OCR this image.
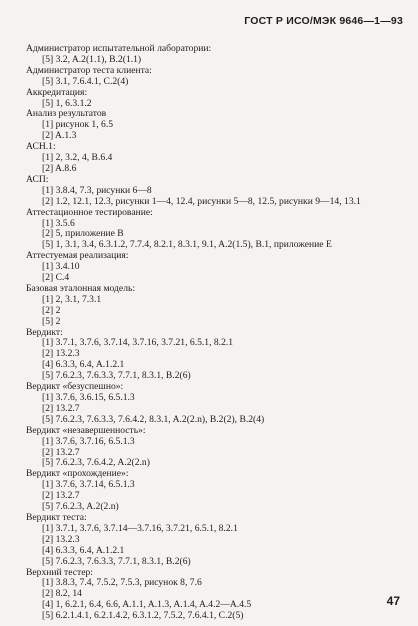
ГОСТ Р ИСО/МЭК 9646—1—93
Администратор испытательной лаборатории:
[5] 3.2, A.2(1.1), B.2(1.1)
Администратор теста клиента:
[5] 3.1, 7.6.4.1, C.2(4)
Аккредитация:
[5] 1, 6.3.1.2
Анализ результатов
[1] рисунок 1, 6.5
[2] A.1.3
АСН.1:
[1] 2, 3.2, 4, B.6.4
[2] A.8.6
АСП:
[1] 3.8.4, 7.3, рисунки 6—8
[2] 1.2, 12.1, 12.3, рисунки 1—4, 12.4, рисунки 5—8, 12.5, рисунки 9—14, 13.1
Аттестационное тестирование:
[1] 3.5.6
[2] 5, приложение B
[5] 1, 3.1, 3.4, 6.3.1.2, 7.7.4, 8.2.1, 8.3.1, 9.1, A.2(1.5), B.1, приложение E
Аттестуемая реализация:
[1] 3.4.10
[2] C.4
Базовая эталонная модель:
[1] 2, 3.1, 7.3.1
[2] 2
[5] 2
Вердикт:
[1] 3.7.1, 3.7.6, 3.7.14, 3.7.16, 3.7.21, 6.5.1, 8.2.1
[2] 13.2.3
[4] 6.3.3, 6.4, A.1.2.1
[5] 7.6.2.3, 7.6.3.3, 7.7.1, 8.3.1, B.2(6)
Вердикт «безуспешно»:
[1] 3.7.6, 3.6.15, 6.5.1.3
[2] 13.2.7
[5] 7.6.2.3, 7.6.3.3, 7.6.4.2, 8.3.1, A.2(2.n), B.2(2), B.2(4)
Вердикт «незавершенность»:
[1] 3.7.6, 3.7.16, 6.5.1.3
[2] 13.2.7
[5] 7.6.2.3, 7.6.4.2, A.2(2.n)
Вердикт «прохождение»:
[1] 3.7.6, 3.7.14, 6.5.1.3
[2] 13.2.7
[5] 7.6.2.3, A.2(2.n)
Вердикт теста:
[1] 3.7.1, 3.7.6, 3.7.14—3.7.16, 3.7.21, 6.5.1, 8.2.1
[2] 13.2.3
[4] 6.3.3, 6.4, A.1.2.1
[5] 7.6.2.3, 7.6.3.3, 7.7.1, 8.3.1, B.2(6)
Верхний тестер:
[1] 3.8.3, 7.4, 7.5.2, 7.5.3, рисунок 8, 7.6
[2] 8.2, 14
[4] 1, 6.2.1, 6.4, 6.6, A.1.1, A.1.3, A.1.4, A.4.2—A.4.5
[5] 6.2.1.4.1, 6.2.1.4.2, 6.3.1.2, 7.5.2, 7.6.4.1, C.2(5)
47
